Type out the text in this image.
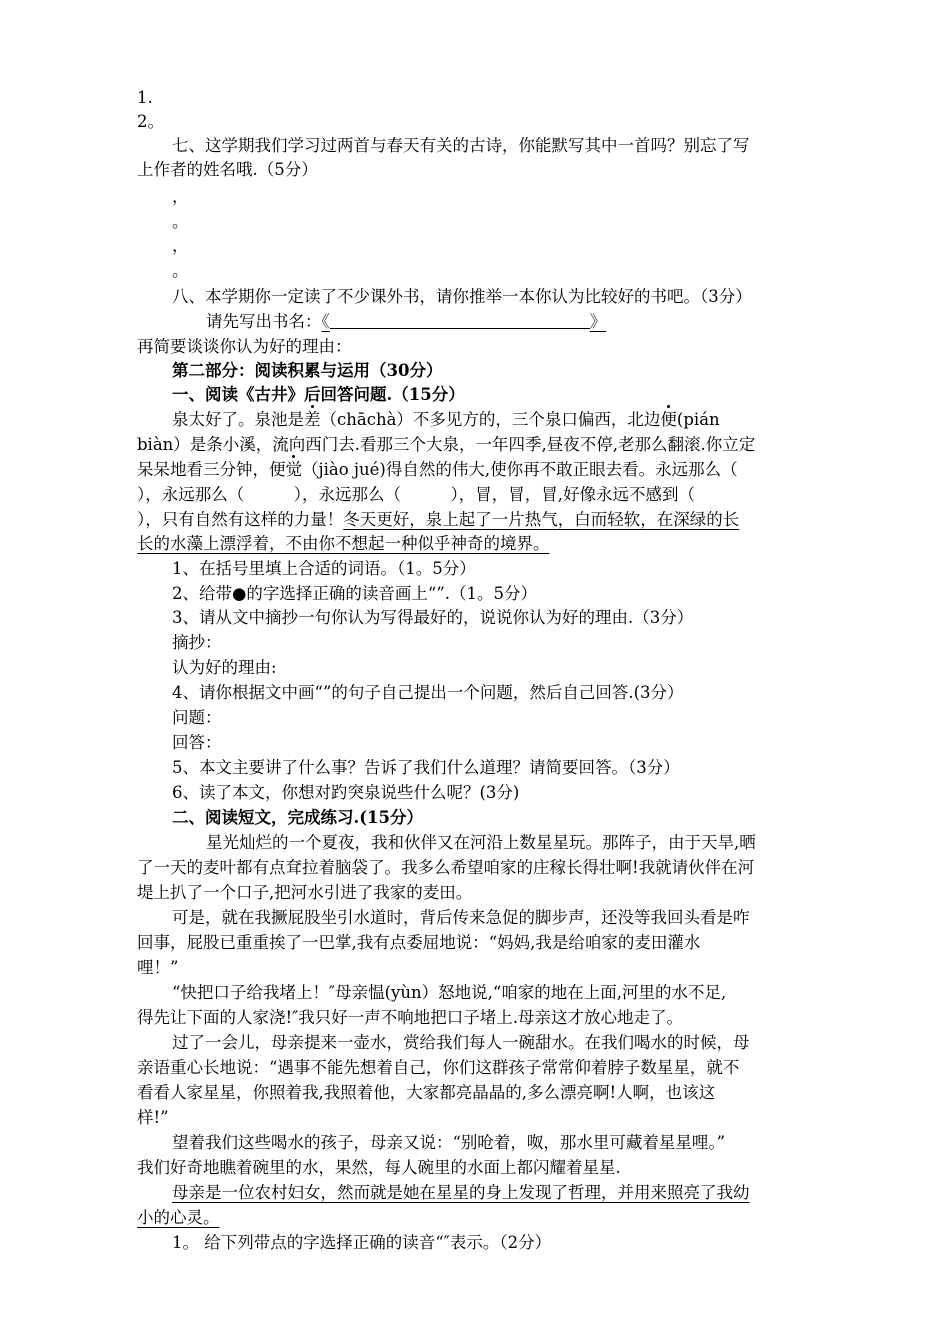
1.
2。
七、这学期我们学习过两首与春天有关的古诗，你能默写其中一首吗？别忘了写
上作者的姓名哦.（5分）
，
。
，
。
八、本学期你一定读了不少课外书，请你推举一本你认为比较好的书吧。（3分）
请先写出书名：《	》
再简要谈谈你认为好的理由：
第二部分：阅读积累与运用（30分）
一、阅读《古井》后回答问题.（15分）
泉太好了。泉池是差（chāchà）不多见方的，三个泉口偏西，北边便(pián
biàn）是条小溪，流向西门去.看那三个大泉，一年四季,昼夜不停,老那么翻滚.你立定
呆呆地看三分钟，便觉（jiào jué)得自然的伟大,使你再不敢正眼去看。永远那么（
），永远那么（　　　），永远那么（　　　），冒，冒，冒,好像永远不感到（
），只有自然有这样的力量！冬天更好，泉上起了一片热气，白而轻软，在深绿的长
长的水藻上漂浮着，不由你不想起一种似乎神奇的境界。
1、在括号里填上合适的词语。（1。5分）
2、给带●的字选择正确的读音画上“”.（1。5分）
3、请从文中摘抄一句你认为写得最好的，说说你认为好的理由.（3分）
摘抄：
认为好的理由:
4、请你根据文中画“”的句子自己提出一个问题，然后自己回答.(3分）
问题：
回答：
5、本文主要讲了什么事？告诉了我们什么道理？请简要回答。（3分）
6、读了本文，你想对趵突泉说些什么呢？(3分)
二、阅读短文，完成练习.(15分）
星光灿烂的一个夏夜，我和伙伴又在河沿上数星星玩。那阵子，由于天旱,晒
了一天的麦叶都有点耷拉着脑袋了。我多么希望咱家的庄稼长得壮啊!我就请伙伴在河
堤上扒了一个口子,把河水引进了我家的麦田。
可是，就在我撅屁股坐引水道时，背后传来急促的脚步声，还没等我回头看是咋
回事，屁股已重重挨了一巴掌,我有点委屈地说：“妈妈,我是给咱家的麦田灌水
哩！”
“快把口子给我堵上！″母亲愠(yùn）怒地说,“咱家的地在上面,河里的水不足,
得先让下面的人家浇!″我只好一声不响地把口子堵上.母亲这才放心地走了。
过了一会儿，母亲提来一壶水，赏给我们每人一碗甜水。在我们喝水的时候，母
亲语重心长地说：“遇事不能先想着自己，你们这群孩子常常仰着脖子数星星，就不
看看人家星星，你照着我,我照着他，大家都亮晶晶的,多么漂亮啊!人啊，也该这
样!”
望着我们这些喝水的孩子，母亲又说：“别呛着，呶，那水里可藏着星星哩。”
我们好奇地瞧着碗里的水，果然，每人碗里的水面上都闪耀着星星.
母亲是一位农村妇女，然而就是她在星星的身上发现了哲理，并用来照亮了我幼
小的心灵。
1。 给下列带点的字选择正确的读音“″表示。（2分）
